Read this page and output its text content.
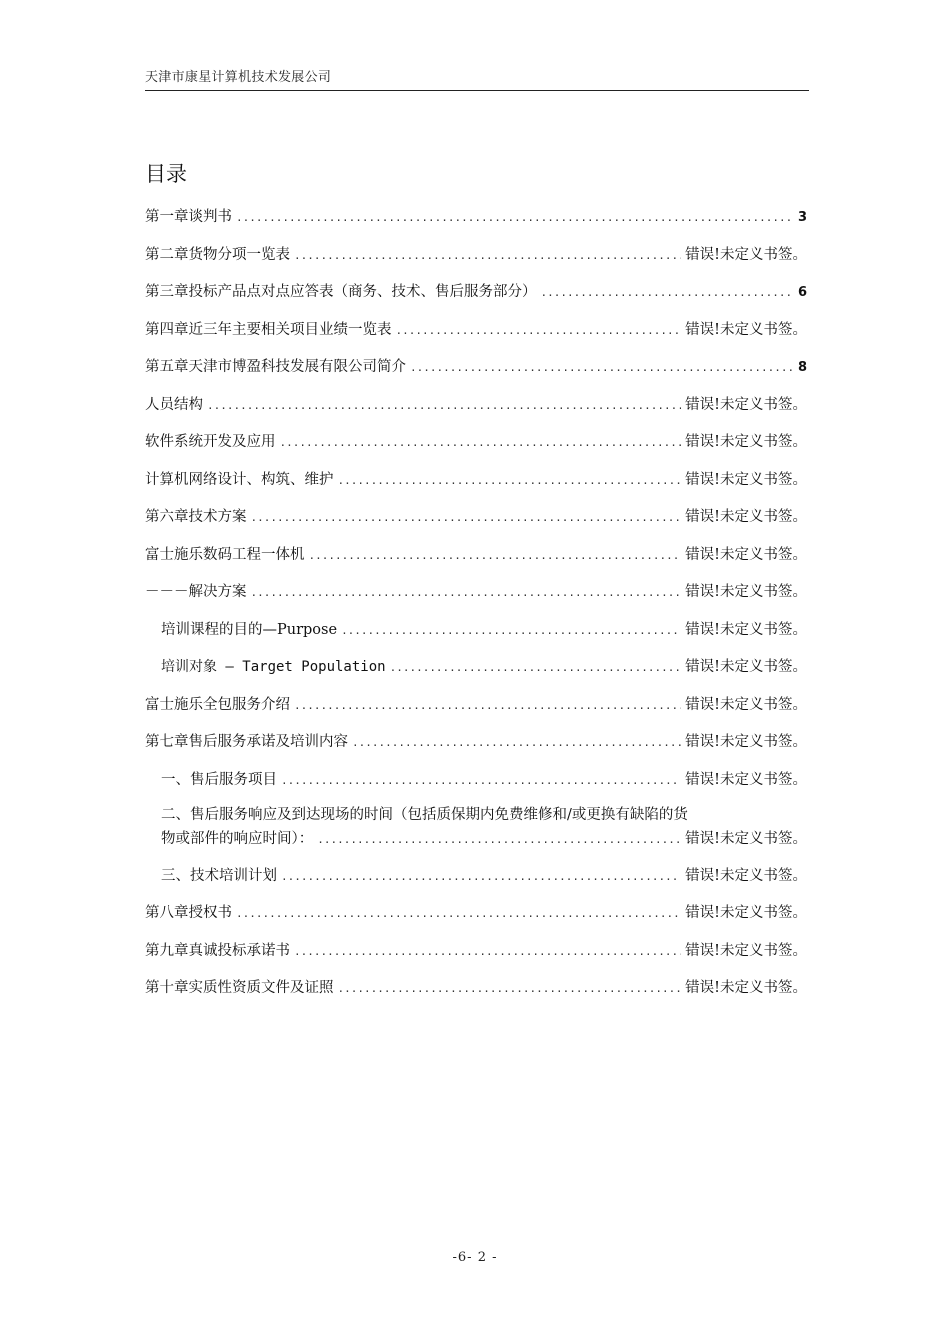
天津市康星计算机技术发展公司
目录
第一章谈判书 .....	3
第二章货物分项一览表 .....	错误!未定义书签。
第三章投标产品点对点应答表（商务、技术、售后服务部分） .....	6
第四章近三年主要相关项目业绩一览表 .....	错误!未定义书签。
第五章天津市博盈科技发展有限公司简介 .....	8
人员结构 .....	错误!未定义书签。
软件系统开发及应用 .....	错误!未定义书签。
计算机网络设计、构筑、维护 .....	错误!未定义书签。
第六章技术方案 .....	错误!未定义书签。
富士施乐数码工程一体机 .....	错误!未定义书签。
－－－解决方案 .....	错误!未定义书签。
培训课程的目的—Purpose .....	错误!未定义书签。
培训对象 — Target Population .....	错误!未定义书签。
富士施乐全包服务介绍 .....	错误!未定义书签。
第七章售后服务承诺及培训内容 .....	错误!未定义书签。
一、售后服务项目 .....	错误!未定义书签。
二、售后服务响应及到达现场的时间（包括质保期内免费维修和/或更换有缺陷的货
物或部件的响应时间）： .....	错误!未定义书签。
三、技术培训计划 .....	错误!未定义书签。
第八章授权书 .....	错误!未定义书签。
第九章真诚投标承诺书 .....	错误!未定义书签。
第十章实质性资质文件及证照 .....	错误!未定义书签。
-6- 2 -
